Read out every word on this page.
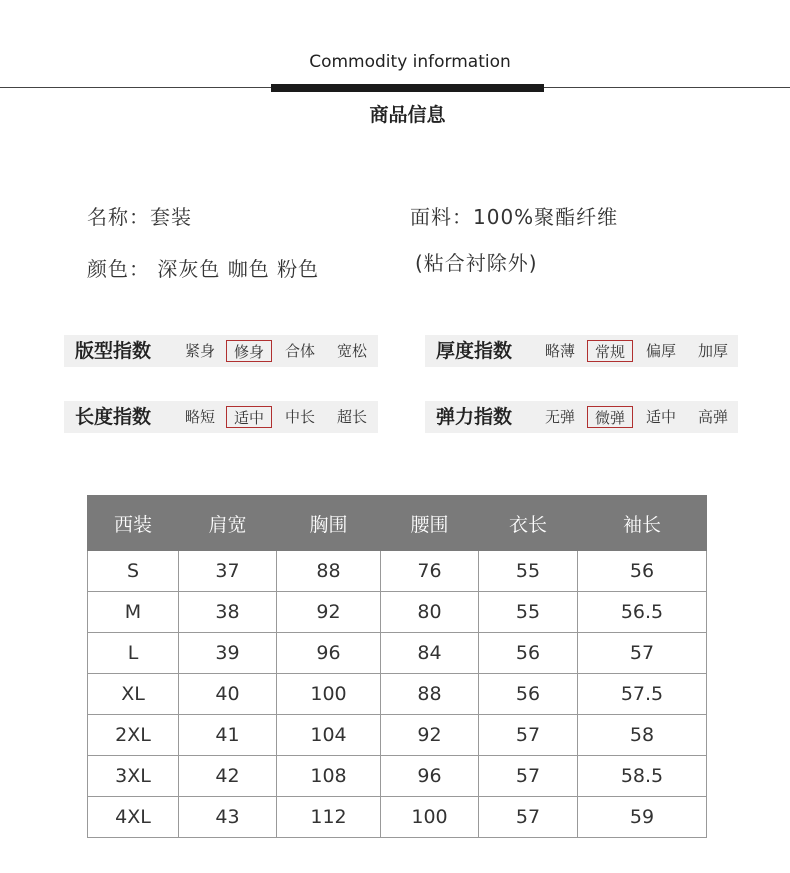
Commodity information
商品信息
名称：套装	面料：100%聚酯纤维
颜色： 深灰色 咖色 粉色	(粘合衬除外)
版型指数	紧身	修身	合体	宽松	厚度指数	略薄	常规	偏厚	加厚
长度指数	略短	适中	中长	超长	弹力指数	无弹	微弹	适中	高弹
西装	肩宽	胸围	腰围	衣长	袖长
S	37	88	76	55	56
M	38	92	80	55	56.5
L	39	96	84	56	57
XL	40	100	88	56	57.5
2XL	41	104	92	57	58
3XL	42	108	96	57	58.5
4XL	43	112	100	57	59
